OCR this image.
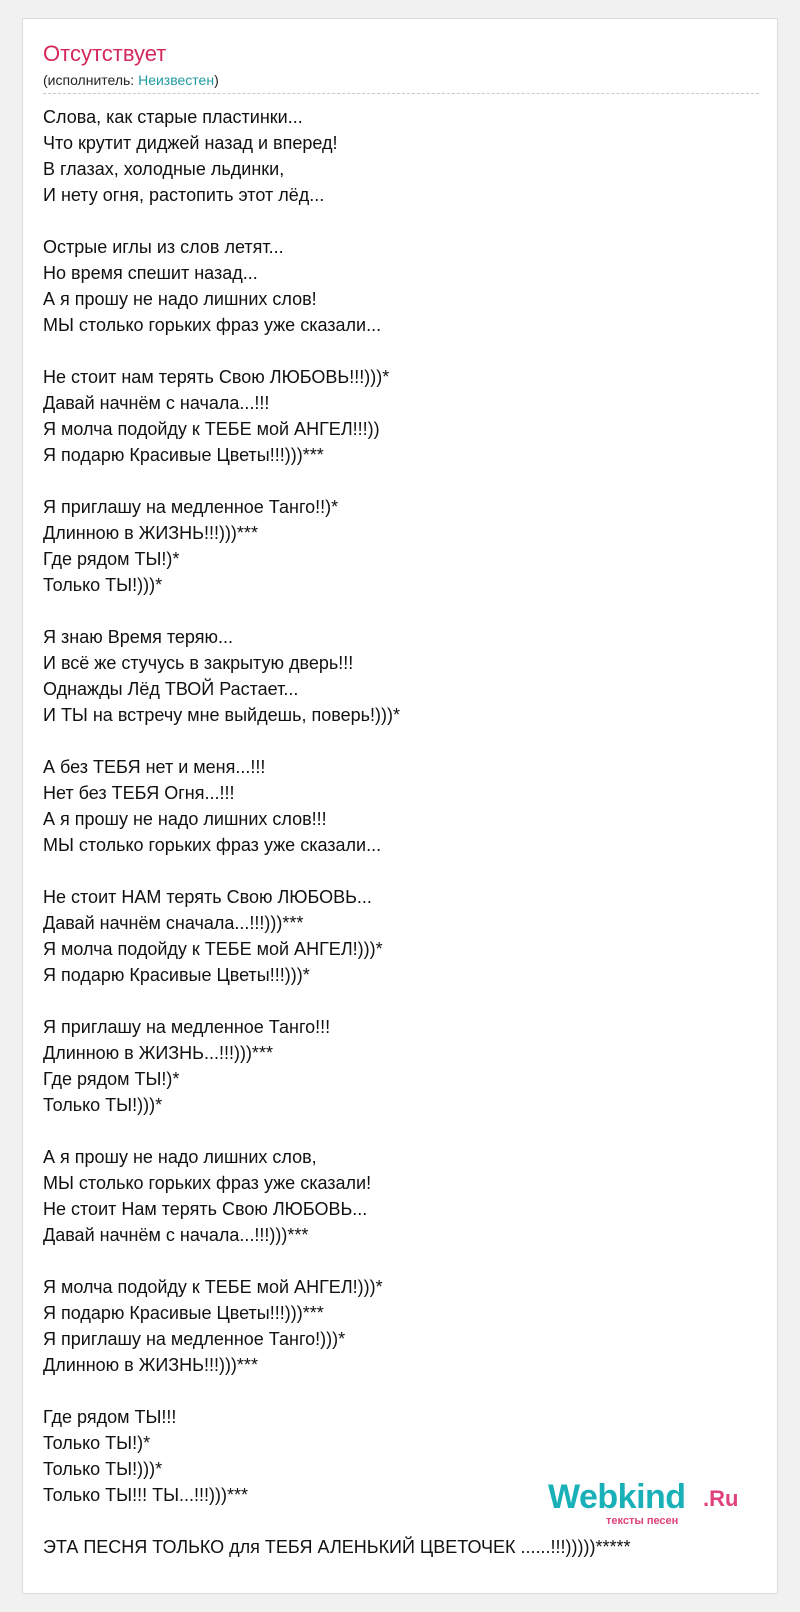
Отсутствует
(исполнитель: Неизвестен)
Слова, как старые пластинки...
Что крутит диджей назад и вперед!
В глазах, холодные льдинки,
И нету огня, растопить этот лёд...
Острые иглы из слов летят...
Но время спешит назад...
А я прошу не надо лишних слов!
МЫ столько горьких фраз уже сказали...
Не стоит нам терять Свою ЛЮБОВЬ!!!)))*
Давай начнём с начала...!!!
Я молча подойду к ТЕБЕ мой АНГЕЛ!!!))
Я подарю Красивые Цветы!!!)))***
Я приглашу на медленное Танго!!)*
Длинною в ЖИЗНЬ!!!)))***
Где рядом ТЫ!)*
Только ТЫ!)))*
Я знаю Время теряю...
И всё же стучусь в закрытую дверь!!!
Однажды Лёд ТВОЙ Растает...
И ТЫ на встречу мне выйдешь, поверь!)))*
А без ТЕБЯ нет и меня...!!!
Нет без ТЕБЯ Огня...!!!
А я прошу не надо лишних слов!!!
МЫ столько горьких фраз уже сказали...
Не стоит НАМ терять Свою ЛЮБОВЬ...
Давай начнём сначала...!!!)))***
Я молча подойду к ТЕБЕ мой АНГЕЛ!)))*
Я подарю Красивые Цветы!!!)))*
Я приглашу на медленное Танго!!!
Длинною в ЖИЗНЬ...!!!)))***
Где рядом ТЫ!)*
Только ТЫ!)))*
А я прошу не надо лишних слов,
МЫ столько горьких фраз уже сказали!
Не стоит Нам терять Свою ЛЮБОВЬ...
Давай начнём с начала...!!!)))***
Я молча подойду к ТЕБЕ мой АНГЕЛ!)))*
Я подарю Красивые Цветы!!!)))***
Я приглашу на медленное Танго!)))*
Длинною в ЖИЗНЬ!!!)))***
Где рядом ТЫ!!!
Только ТЫ!)*
Только ТЫ!)))*
Только ТЫ!!! ТЫ...!!!)))***
ЭТА ПЕСНЯ ТОЛЬКО для ТЕБЯ АЛЕНЬКИЙ ЦВЕТОЧЕК ......!!!)))))*****
Webkind .Ru
тексты песен
